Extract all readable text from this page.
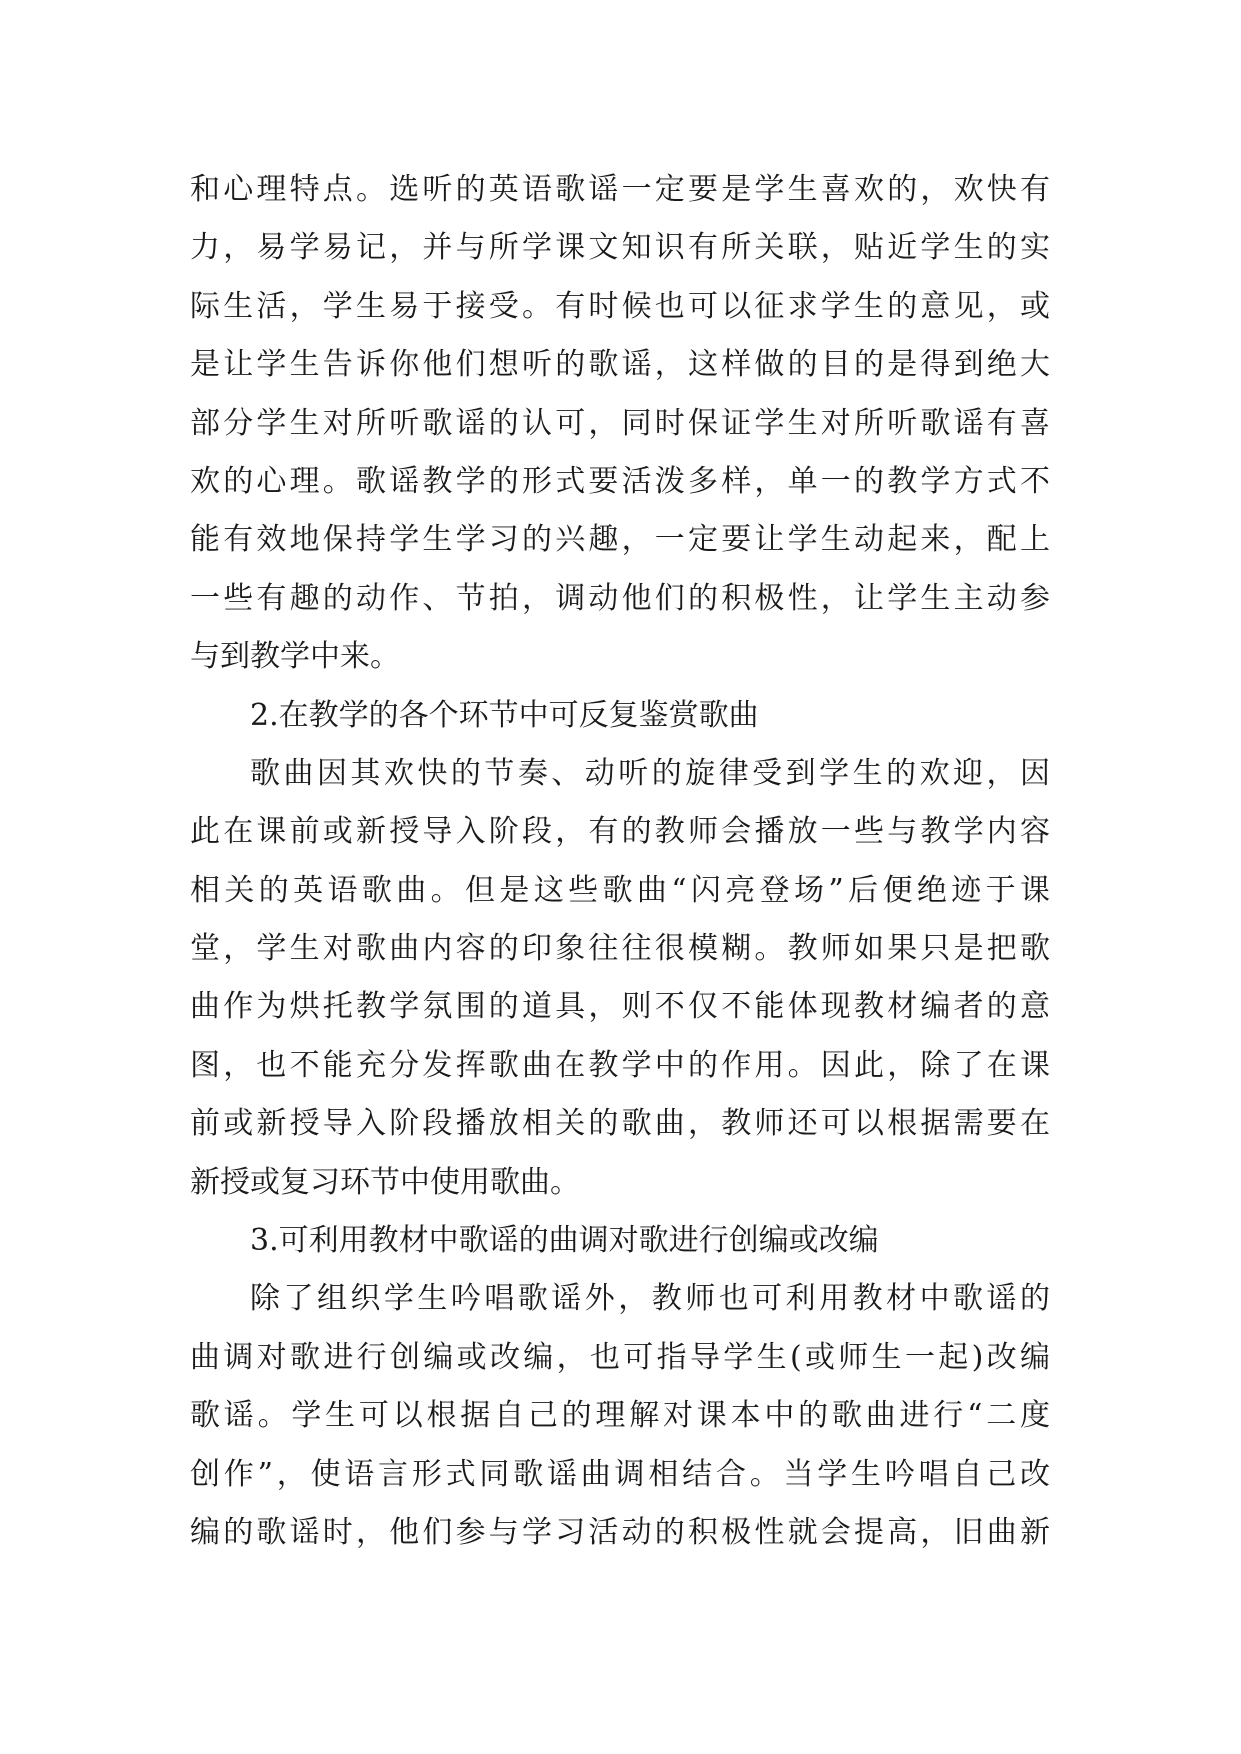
和心理特点。选听的英语歌谣一定要是学生喜欢的，欢快有
力，易学易记，并与所学课文知识有所关联，贴近学生的实
际生活，学生易于接受。有时候也可以征求学生的意见，或
是让学生告诉你他们想听的歌谣，这样做的目的是得到绝大
部分学生对所听歌谣的认可，同时保证学生对所听歌谣有喜
欢的心理。歌谣教学的形式要活泼多样，单一的教学方式不
能有效地保持学生学习的兴趣，一定要让学生动起来，配上
一些有趣的动作、节拍，调动他们的积极性，让学生主动参
与到教学中来。
2.在教学的各个环节中可反复鉴赏歌曲
歌曲因其欢快的节奏、动听的旋律受到学生的欢迎，因
此在课前或新授导入阶段，有的教师会播放一些与教学内容
相关的英语歌曲。但是这些歌曲“闪亮登场”后便绝迹于课
堂，学生对歌曲内容的印象往往很模糊。教师如果只是把歌
曲作为烘托教学氛围的道具，则不仅不能体现教材编者的意
图，也不能充分发挥歌曲在教学中的作用。因此，除了在课
前或新授导入阶段播放相关的歌曲，教师还可以根据需要在
新授或复习环节中使用歌曲。
3.可利用教材中歌谣的曲调对歌进行创编或改编
除了组织学生吟唱歌谣外，教师也可利用教材中歌谣的
曲调对歌进行创编或改编，也可指导学生(或师生一起)改编
歌谣。学生可以根据自己的理解对课本中的歌曲进行“二度
创作”，使语言形式同歌谣曲调相结合。当学生吟唱自己改
编的歌谣时，他们参与学习活动的积极性就会提高，旧曲新
